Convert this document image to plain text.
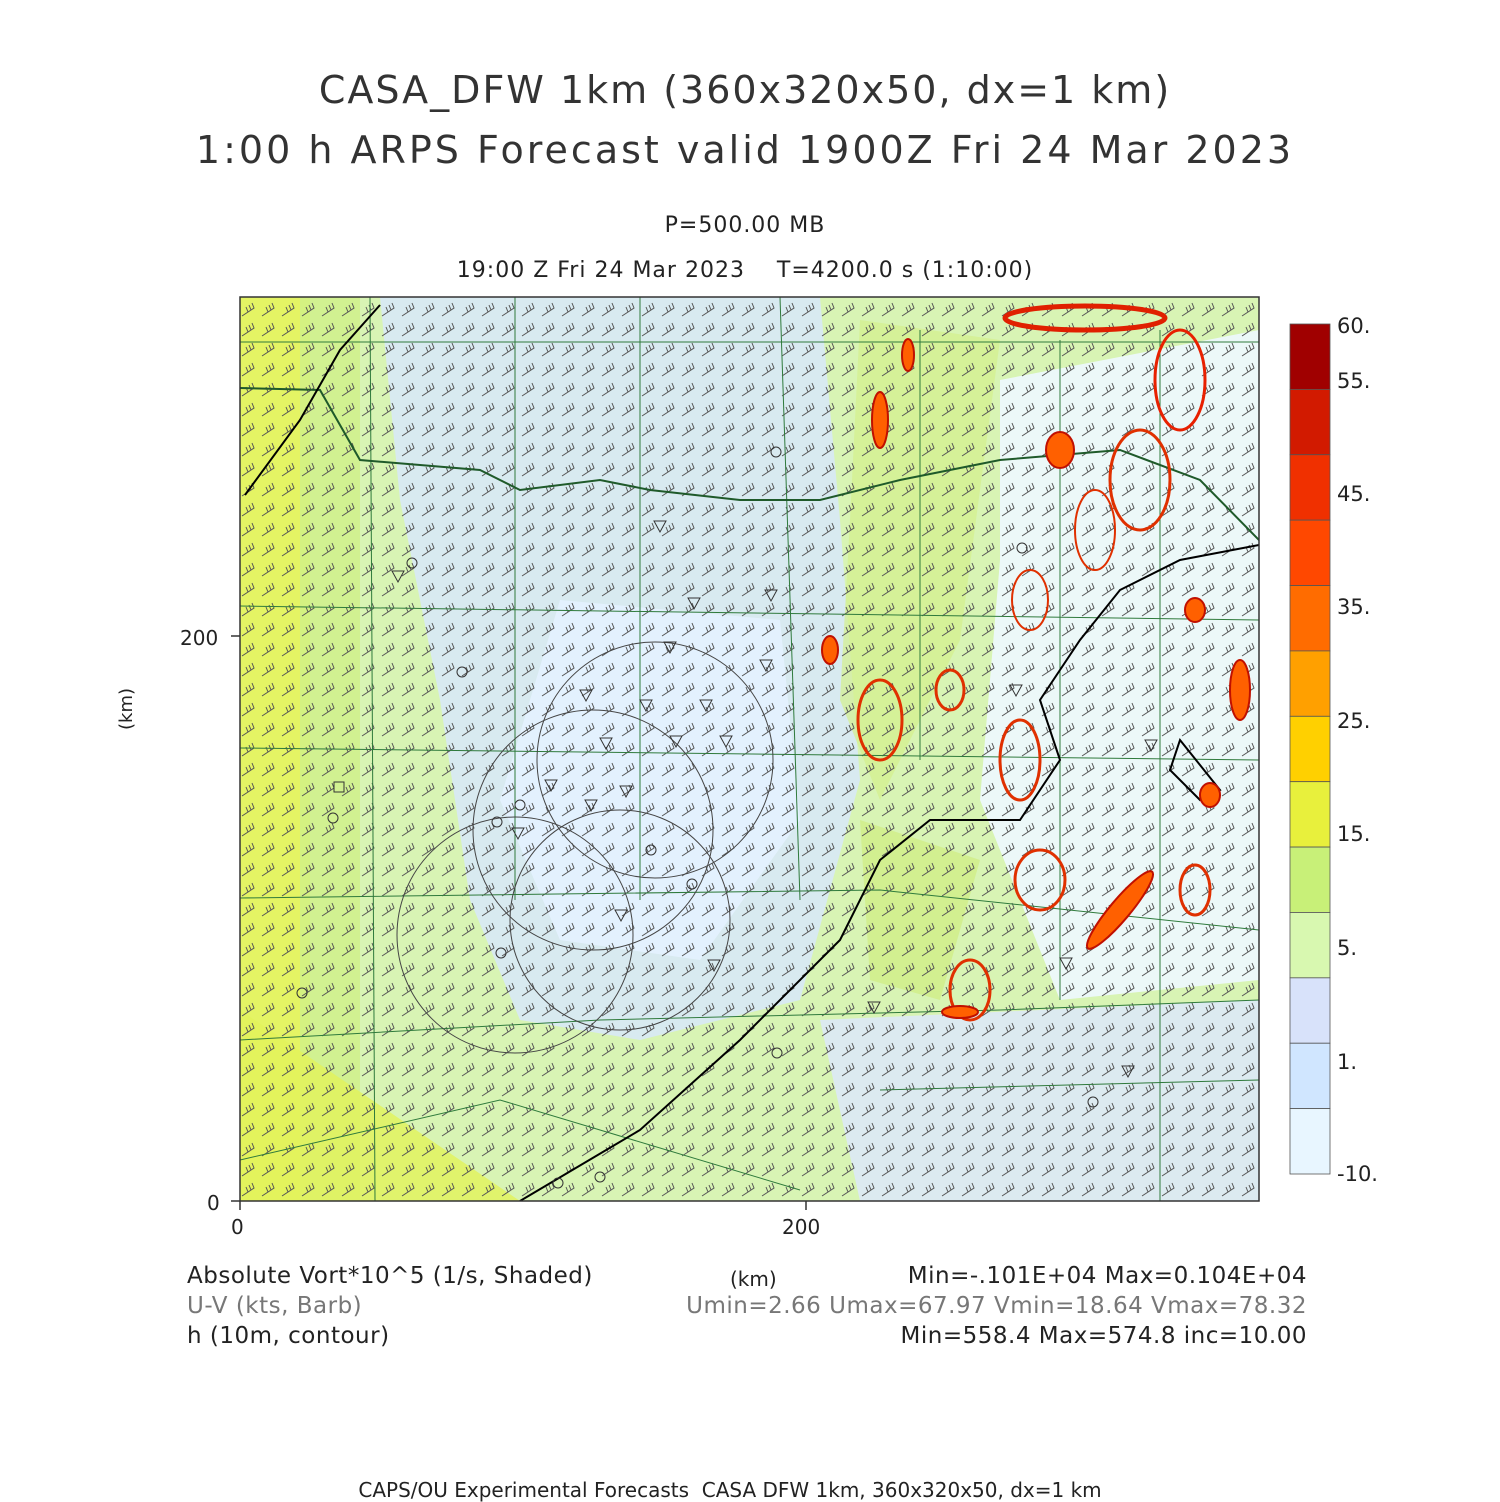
CASA_DFW 1km (360x320x50, dx=1 km)
1:00 h ARPS Forecast valid 1900Z Fri 24 Mar 2023
P=500.00 MB
19:00 Z Fri 24 Mar 2023    T=4200.0 s (1:10:00)
0	200
0
200
(km)
60.
55.
45.
35.
25.
15.
5.
1.
-10.
Absolute Vort*10^5 (1/s, Shaded)
U-V (kts, Barb)
h (10m, contour)
(km)	Min=-.101E+04 Max=0.104E+04
Umin=2.66 Umax=67.97 Vmin=18.64 Vmax=78.32
Min=558.4 Max=574.8 inc=10.00
CAPS/OU Experimental Forecasts  CASA DFW 1km, 360x320x50, dx=1 km
